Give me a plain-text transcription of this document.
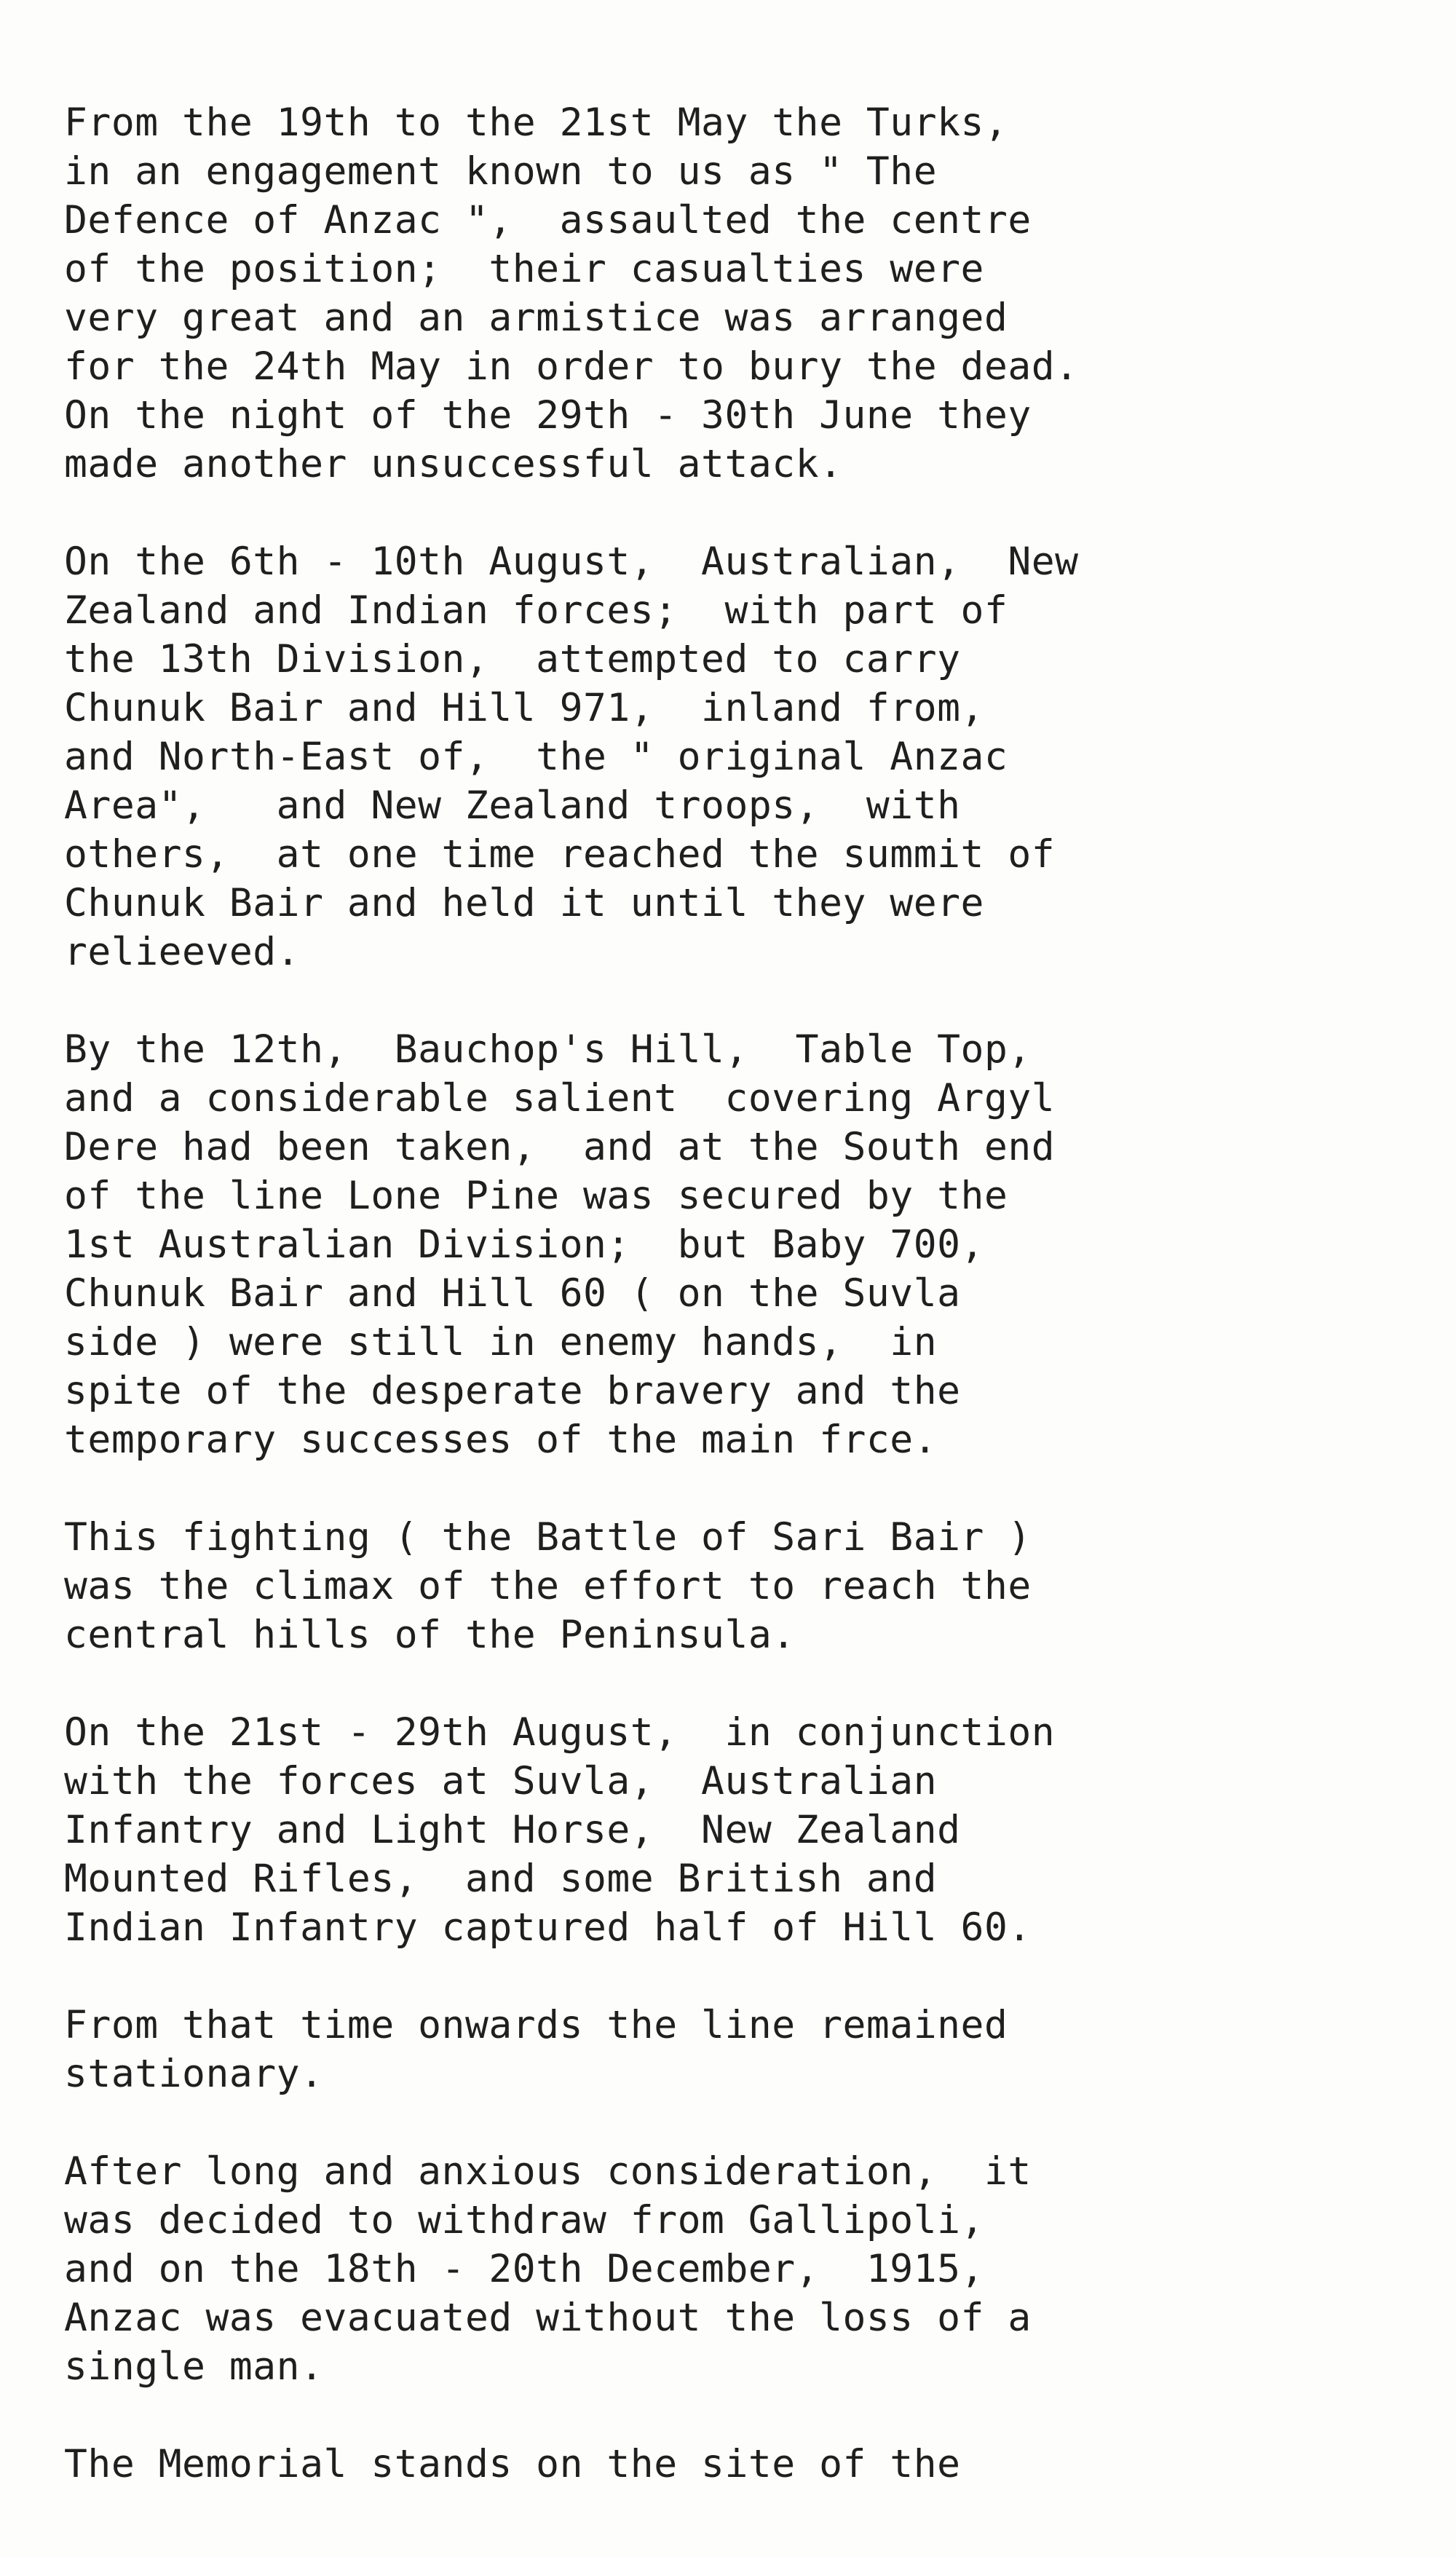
From the 19th to the 21st May the Turks,
in an engagement known to us as " The
Defence of Anzac ",  assaulted the centre
of the position;  their casualties were
very great and an armistice was arranged
for the 24th May in order to bury the dead.
On the night of the 29th - 30th June they
made another unsuccessful attack.

On the 6th - 10th August,  Australian,  New
Zealand and Indian forces;  with part of
the 13th Division,  attempted to carry
Chunuk Bair and Hill 971,  inland from,
and North-East of,  the " original Anzac
Area",   and New Zealand troops,  with
others,  at one time reached the summit of
Chunuk Bair and held it until they were
relieeved.

By the 12th,  Bauchop's Hill,  Table Top,
and a considerable salient  covering Argyl
Dere had been taken,  and at the South end
of the line Lone Pine was secured by the
1st Australian Division;  but Baby 700,
Chunuk Bair and Hill 60 ( on the Suvla
side ) were still in enemy hands,  in
spite of the desperate bravery and the
temporary successes of the main frce.

This fighting ( the Battle of Sari Bair )
was the climax of the effort to reach the
central hills of the Peninsula.

On the 21st - 29th August,  in conjunction
with the forces at Suvla,  Australian
Infantry and Light Horse,  New Zealand
Mounted Rifles,  and some British and
Indian Infantry captured half of Hill 60.

From that time onwards the line remained
stationary.

After long and anxious consideration,  it
was decided to withdraw from Gallipoli,
and on the 18th - 20th December,  1915,
Anzac was evacuated without the loss of a
single man.

The Memorial stands on the site of the
